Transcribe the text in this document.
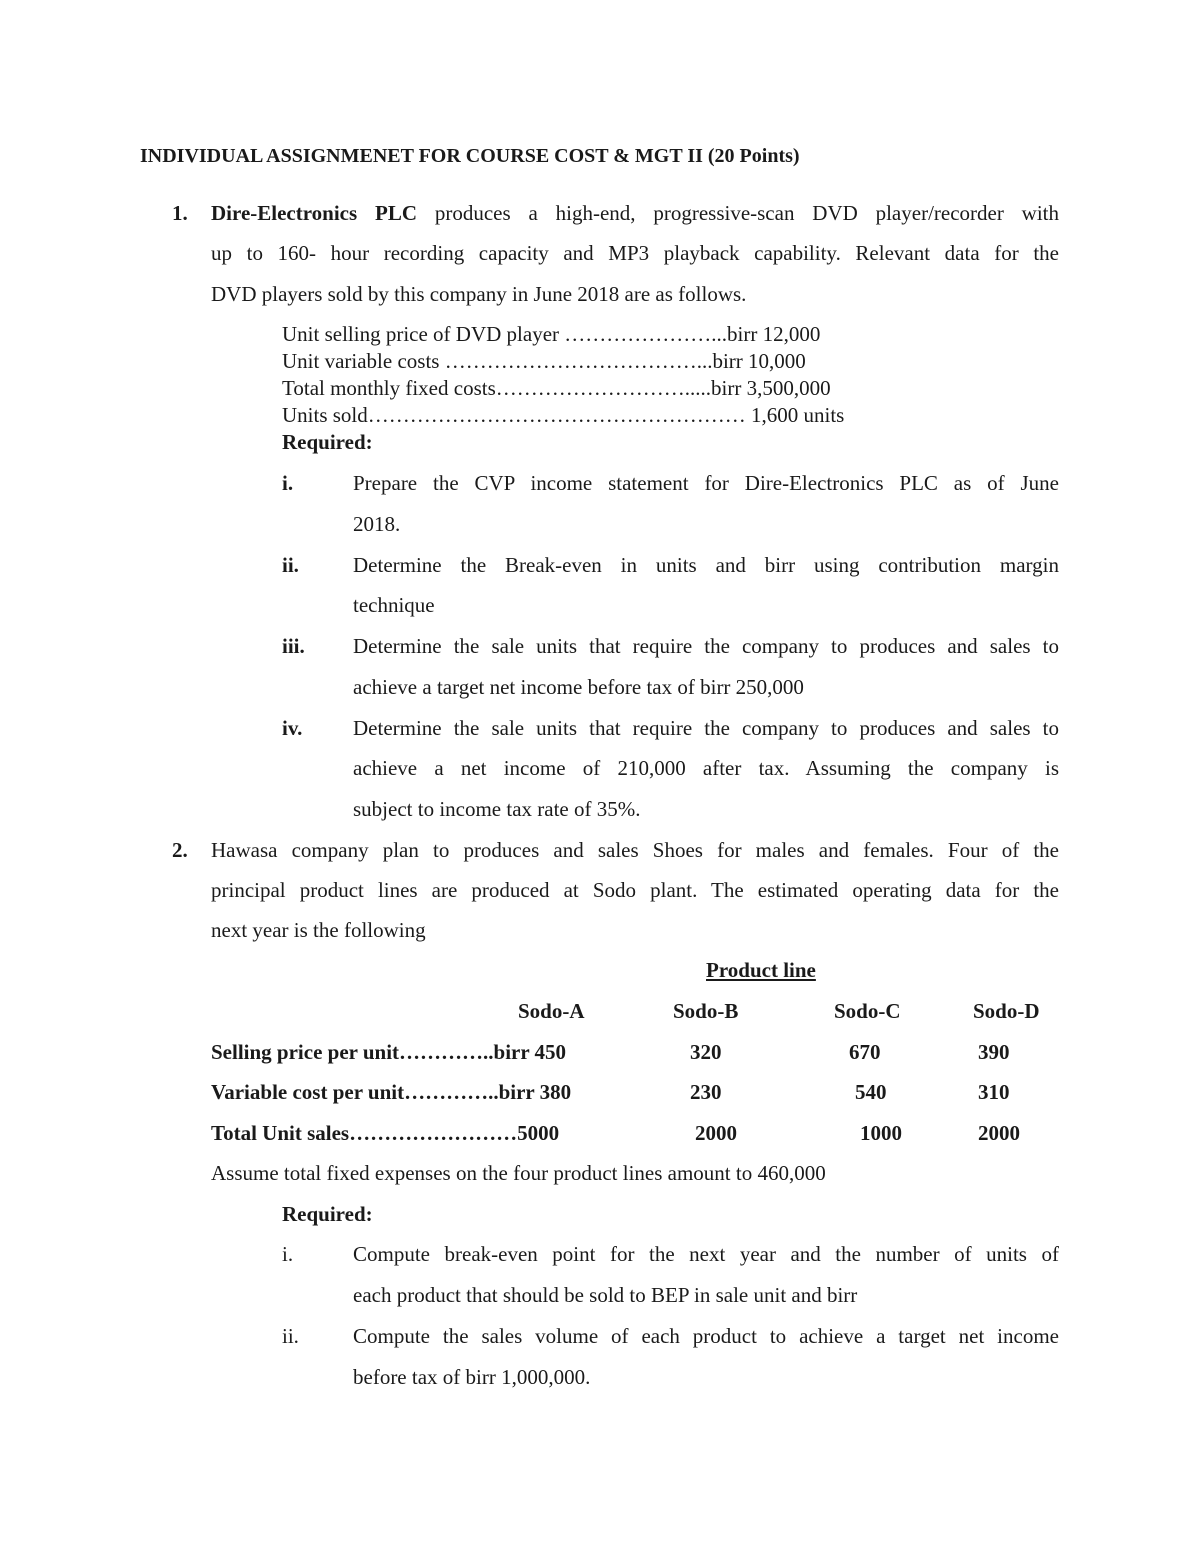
INDIVIDUAL ASSIGNMENET FOR COURSE COST & MGT II (20 Points)
1. Dire-Electronics PLC produces a high-end, progressive-scan DVD player/recorder with
up to 160- hour recording capacity and MP3 playback capability. Relevant data for the
DVD players sold by this company in June 2018 are as follows.
Unit selling price of DVD player …………………...birr 12,000
Unit variable costs ………………………………...birr 10,000
Total monthly fixed costs……………………….....birr 3,500,000
Units sold……………………………………………… 1,600 units
Required:
i.	Prepare the CVP income statement for Dire-Electronics PLC as of June
2018.
ii.	Determine the Break-even in units and birr using contribution margin
technique
iii. Determine the sale units that require the company to produces and sales to
achieve a target net income before tax of birr 250,000
iv. Determine the sale units that require the company to produces and sales to
achieve a net income of 210,000 after tax. Assuming the company is
subject to income tax rate of 35%.
2. Hawasa company plan to produces and sales Shoes for males and females. Four of the
principal product lines are produced at Sodo plant. The estimated operating data for the
next year is the following
Product line
Sodo-A	Sodo-B	Sodo-C	Sodo-D
Selling price per unit…………..birr 450	320	670	390
Variable cost per unit…………..birr 380	230	540	310
Total Unit sales……………………5000	2000	1000	2000
Assume total fixed expenses on the four product lines amount to 460,000
Required:
i.	Compute break-even point for the next year and the number of units of
each product that should be sold to BEP in sale unit and birr
ii.	Compute the sales volume of each product to achieve a target net income
before tax of birr 1,000,000.
